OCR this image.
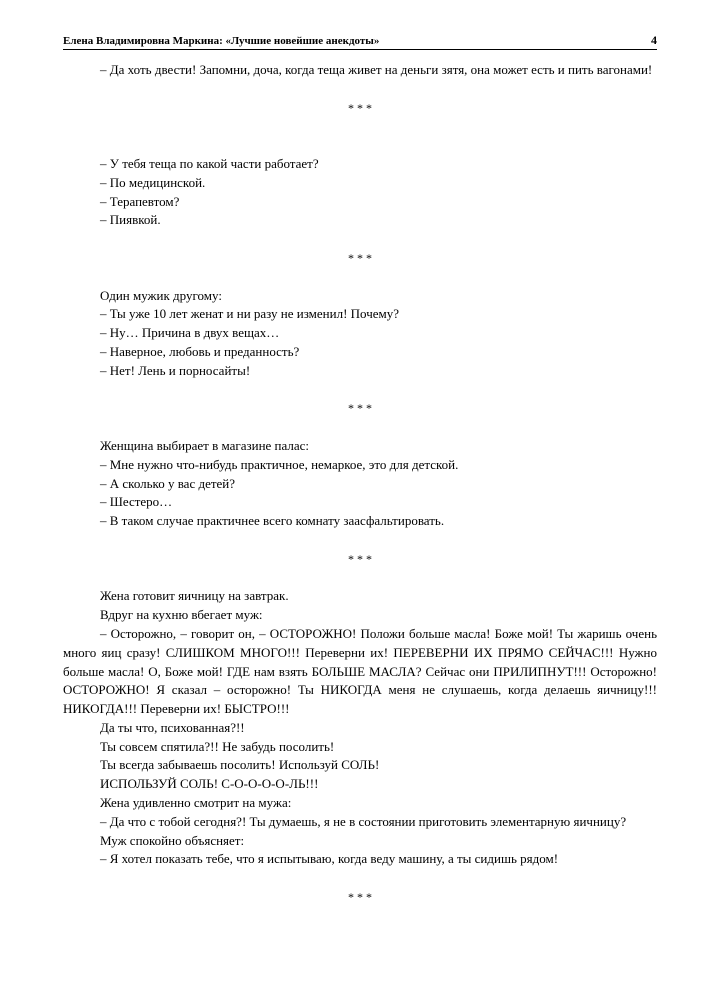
Елена Владимировна Маркина: «Лучшие новейшие анекдоты»	4

– Да хоть двести! Запомни, доча, когда теща живет на деньги зятя, она может есть и пить вагонами!

* * *

– У тебя теща по какой части работает?

– По медицинской.

– Терапевтом?

– Пиявкой.

* * *

Один мужик другому:

– Ты уже 10 лет женат и ни разу не изменил! Почему?

– Ну… Причина в двух вещах…

– Наверное, любовь и преданность?

– Нет! Лень и порносайты!

* * *

Женщина выбирает в магазине палас:

– Мне нужно что-нибудь практичное, немаркое, это для детской.

– А сколько у вас детей?

– Шестеро…

– В таком случае практичнее всего комнату заасфальтировать.

* * *

Жена готовит яичницу на завтрак.

Вдруг на кухню вбегает муж:

– Осторожно, – говорит он, – ОСТОРОЖНО! Положи больше масла! Боже мой! Ты жаришь очень много яиц сразу! СЛИШКОМ МНОГО!!! Переверни их! ПЕРЕВЕРНИ ИХ ПРЯМО СЕЙЧАС!!! Нужно больше масла! О, Боже мой! ГДЕ нам взять БОЛЬШЕ МАСЛА? Сейчас они ПРИЛИПНУТ!!! Осторожно! ОСТОРОЖНО! Я сказал – осторожно! Ты НИКОГДА меня не слушаешь, когда делаешь яичницу!!! НИКОГДА!!! Переверни их! БЫСТРО!!!

Да ты что, психованная?!!

Ты совсем спятила?!! Не забудь посолить!

Ты всегда забываешь посолить! Используй СОЛЬ!

ИСПОЛЬЗУЙ СОЛЬ! С-О-О-О-О-ЛЬ!!!

Жена удивленно смотрит на мужа:

– Да что с тобой сегодня?! Ты думаешь, я не в состоянии приготовить элементарную яичницу?

Муж спокойно объясняет:

– Я хотел показать тебе, что я испытываю, когда веду машину, а ты сидишь рядом!

* * *
